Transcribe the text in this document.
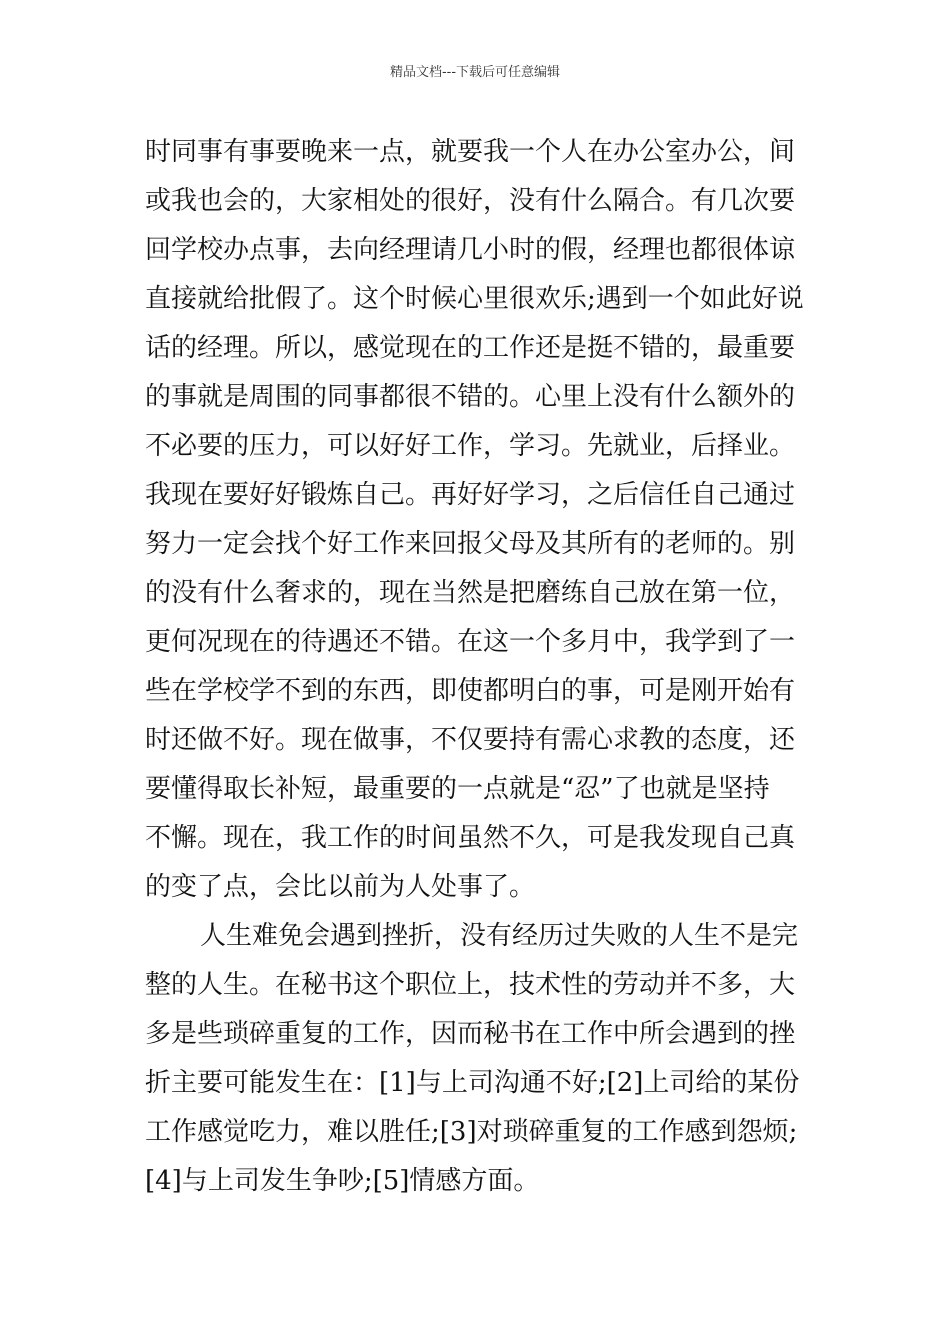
精品文档---下载后可任意编辑
时同事有事要晚来一点，就要我一个人在办公室办公，间
或我也会的，大家相处的很好，没有什么隔合。有几次要
回学校办点事，去向经理请几小时的假，经理也都很体谅
直接就给批假了。这个时候心里很欢乐;遇到一个如此好说
话的经理。所以，感觉现在的工作还是挺不错的，最重要
的事就是周围的同事都很不错的。心里上没有什么额外的
不必要的压力，可以好好工作，学习。先就业，后择业。
我现在要好好锻炼自己。再好好学习，之后信任自己通过
努力一定会找个好工作来回报父母及其所有的老师的。别
的没有什么奢求的，现在当然是把磨练自己放在第一位，
更何况现在的待遇还不错。在这一个多月中，我学到了一
些在学校学不到的东西，即使都明白的事，可是刚开始有
时还做不好。现在做事，不仅要持有需心求教的态度，还
要懂得取长补短，最重要的一点就是“忍”了也就是坚持
不懈。现在，我工作的时间虽然不久，可是我发现自己真
的变了点，会比以前为人处事了。
人生难免会遇到挫折，没有经历过失败的人生不是完
整的人生。在秘书这个职位上，技术性的劳动并不多，大
多是些琐碎重复的工作，因而秘书在工作中所会遇到的挫
折主要可能发生在：[1]与上司沟通不好;[2]上司给的某份
工作感觉吃力，难以胜任;[3]对琐碎重复的工作感到怨烦;
[4]与上司发生争吵;[5]情感方面。
